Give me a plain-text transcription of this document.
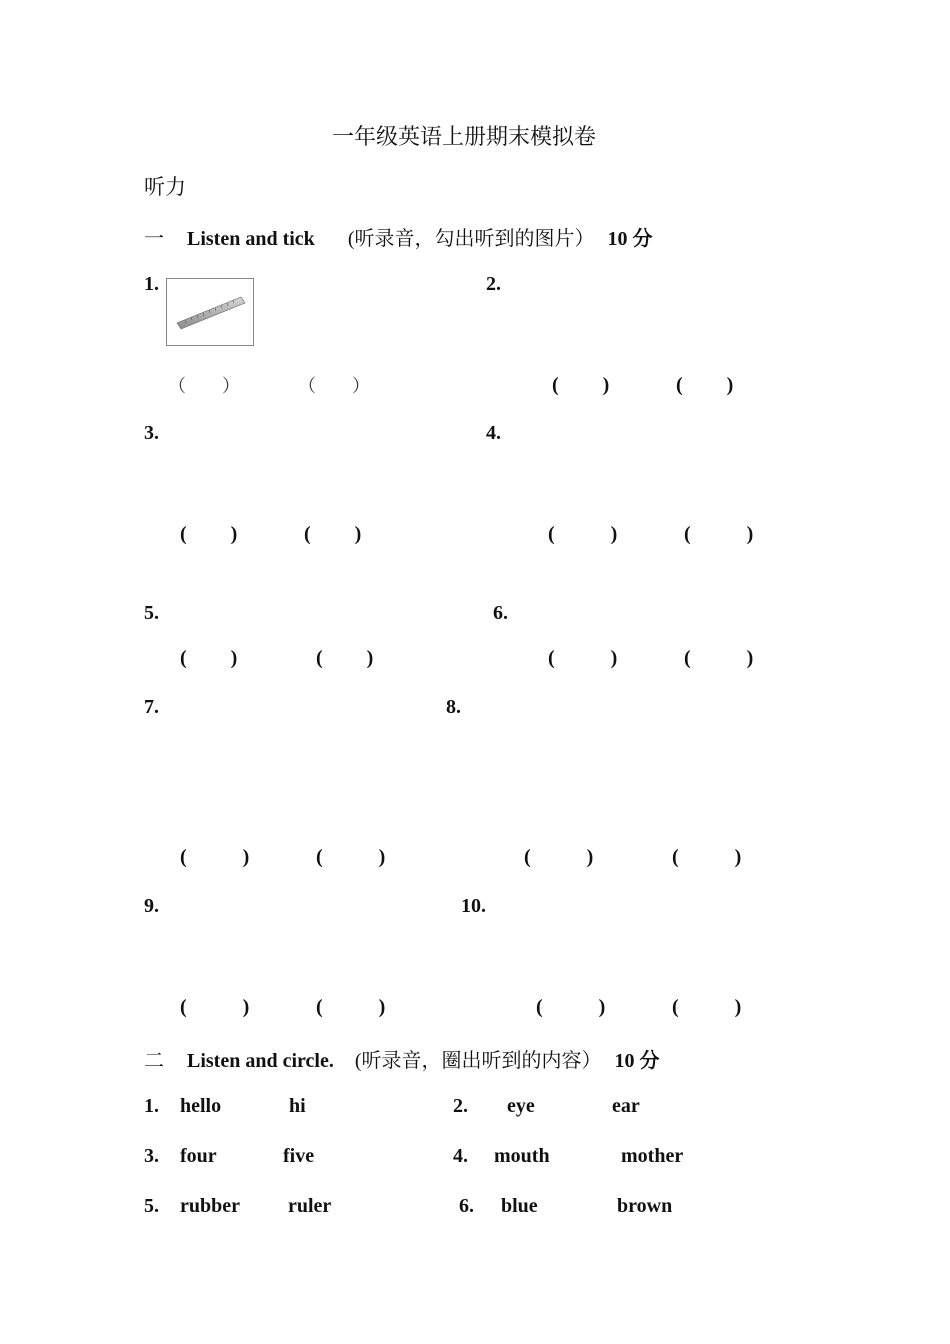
一年级英语上册期末模拟卷
听力
一 Listen and tick (听录音，勾出听到的图片） 10 分
1.	2.
（ ）	（ ）	( )	( )
3.	4.
( )	( )	(	)	(	)
5.	6.
( )	( )	(	)	(	)
7.	8.
(	)	(	)	(	)	(	)
9.	10.
(	)	(	)	(	)	(	)
二 Listen and circle. (听录音，圈出听到的内容） 10 分
1. hello	hi	2. eye	ear
3. four	five	4. mouth	mother
5. rubber ruler	6. blue	brown
